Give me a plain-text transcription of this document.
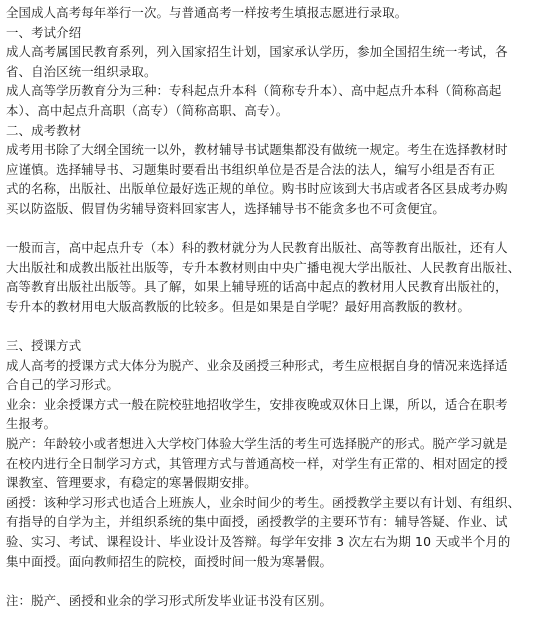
全国成人高考每年举行一次。与普通高考一样按考生填报志愿进行录取。
一、考试介绍
成人高考属国民教育系列，列入国家招生计划，国家承认学历，参加全国招生统一考试，各
省、自治区统一组织录取。
成人高等学历教育分为三种：专科起点升本科（简称专升本）、高中起点升本科（简称高起
本）、高中起点升高职（高专）（简称高职、高专）。
二、成考教材
成考用书除了大纲全国统一以外，教材辅导书试题集都没有做统一规定。考生在选择教材时
应谨慎。选择辅导书、习题集时要看出书组织单位是否是合法的法人，编写小组是否有正
式的名称，出版社、出版单位最好选正规的单位。购书时应该到大书店或者各区县成考办购
买以防盗版、假冒伪劣辅导资料回家害人，选择辅导书不能贪多也不可贪便宜。
一般而言，高中起点升专（本）科的教材就分为人民教育出版社、高等教育出版社，还有人
大出版社和成教出版社出版等，专升本教材则由中央广播电视大学出版社、人民教育出版社、
高等教育出版社出版等。具了解，如果上辅导班的话高中起点的教材用人民教育出版社的，
专升本的教材用电大版高教版的比较多。但是如果是自学呢？最好用高教版的教材。
三、授课方式
成人高考的授课方式大体分为脱产、业余及函授三种形式，考生应根据自身的情况来选择适
合自己的学习形式。
业余：业余授课方式一般在院校驻地招收学生，安排夜晚或双休日上课，所以，适合在职考
生报考。
脱产：年龄较小或者想进入大学校门体验大学生活的考生可选择脱产的形式。脱产学习就是
在校内进行全日制学习方式，其管理方式与普通高校一样，对学生有正常的、相对固定的授
课教室、管理要求，有稳定的寒暑假期安排。
函授：该种学习形式也适合上班族人，业余时间少的考生。函授教学主要以有计划、有组织、
有指导的自学为主，并组织系统的集中面授，函授教学的主要环节有：辅导答疑、作业、试
验、实习、考试、课程设计、毕业设计及答辩。每学年安排 3 次左右为期 10 天或半个月的
集中面授。面向教师招生的院校，面授时间一般为寒暑假。
注：脱产、函授和业余的学习形式所发毕业证书没有区别。
